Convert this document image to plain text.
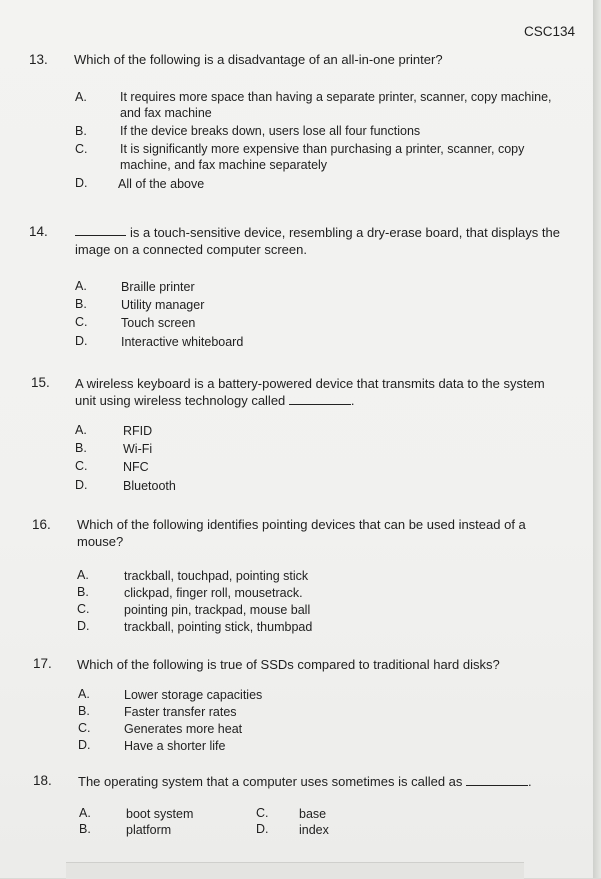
CSC134
13. Which of the following is a disadvantage of an all-in-one printer?
A.	It requires more space than having a separate printer, scanner, copy machine, and fax machine
B.	If the device breaks down, users lose all four functions
C.	It is significantly more expensive than purchasing a printer, scanner, copy machine, and fax machine separately
D. All of the above
14.	is a touch-sensitive device, resembling a dry-erase board, that displays the
image on a connected computer screen.
A.	Braille printer
B.	Utility manager
C.	Touch screen
D.	Interactive whiteboard
15. A wireless keyboard is a battery-powered device that transmits data to the system
unit using wireless technology called	.
A.	RFID
B.	Wi-Fi
C.	NFC
D.	Bluetooth
16. Which of the following identifies pointing devices that can be used instead of a mouse?
A.	trackball, touchpad, pointing stick
B.	clickpad, finger roll, mousetrack.
C.	pointing pin, trackpad, mouse ball
D.	trackball, pointing stick, thumbpad
17. Which of the following is true of SSDs compared to traditional hard disks?
A.	Lower storage capacities
B.	Faster transfer rates
C.	Generates more heat
D.	Have a shorter life
18. The operating system that a computer uses sometimes is called as	.
A.	boot system
B.	platform
C. base
D. index
